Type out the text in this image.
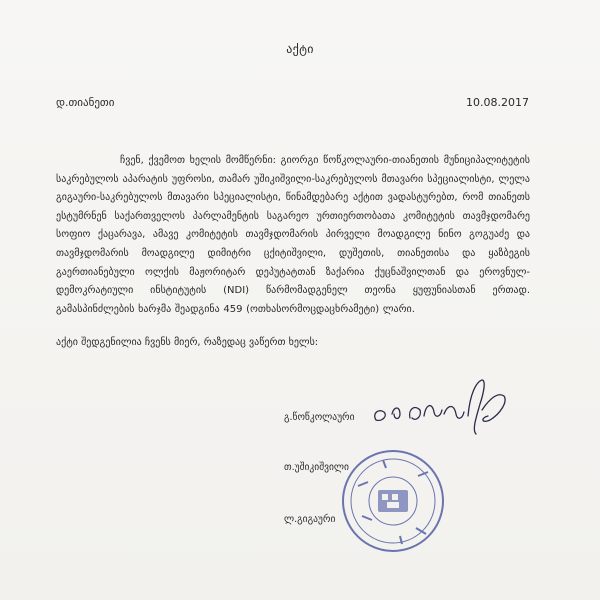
აქტი
დ.თიანეთი	10.08.2017
ჩვენ, ქვემოთ ხელის მომწერნი: გიორგი წოწკოლაური-თიანეთის მუნიციპალიტეტის საკრებულოს აპარატის უფროსი, თამარ უშიკიშვილი-საკრებულოს მთავარი სპეციალისტი, ლელა გიგაური-საკრებულოს მთავარი სპეციალისტი, წინამდებარე აქტით ვადასტურებთ, რომ თიანეთს ესტუმრნენ საქართველოს პარლამენტის საგარეო ურთიერთობათა კომიტეტის თავმჯდომარე სოფიო ქაცარავა, ამავე კომიტეტის თავმჯდომარის პირველი მოადგილე ნინო გოგუაძე და თავმჯდომარის მოადგილე დიმიტრი ცქიტიშვილი, დუშეთის, თიანეთისა და ყაზბეგის გაერთიანებული ოლქის მაჟორიტარ დეპუტატთან ზაქარია ქუცნაშვილთან და ეროვნულ-დემოკრატიული ინსტიტუტის (NDI) წარმომადგენელ თეონა ყუფუნიასთან ერთად. გამასპინძლების ხარჯმა შეადგინა 459 (ოთხასორმოცდაცხრამეტი) ლარი.
აქტი შედგენილია ჩვენს მიერ, რაზედაც ვაწერთ ხელს:
გ.წოწკოლაური
თ.უშიკიშვილი
ლ.გიგაური
